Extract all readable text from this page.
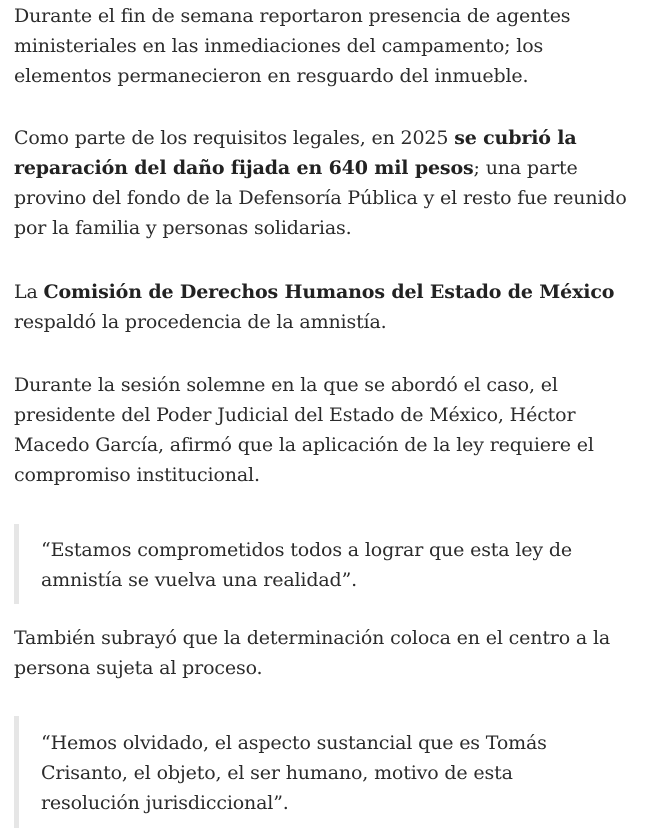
Durante el fin de semana reportaron presencia de agentes ministeriales en las inmediaciones del campamento; los elementos permanecieron en resguardo del inmueble.

Como parte de los requisitos legales, en 2025 se cubrió la reparación del daño fijada en 640 mil pesos; una parte provino del fondo de la Defensoría Pública y el resto fue reunido por la familia y personas solidarias.

La Comisión de Derechos Humanos del Estado de México respaldó la procedencia de la amnistía.

Durante la sesión solemne en la que se abordó el caso, el presidente del Poder Judicial del Estado de México, Héctor Macedo García, afirmó que la aplicación de la ley requiere el compromiso institucional.

“Estamos comprometidos todos a lograr que esta ley de amnistía se vuelva una realidad”.

También subrayó que la determinación coloca en el centro a la persona sujeta al proceso.

“Hemos olvidado, el aspecto sustancial que es Tomás Crisanto, el objeto, el ser humano, motivo de esta resolución jurisdiccional”.
